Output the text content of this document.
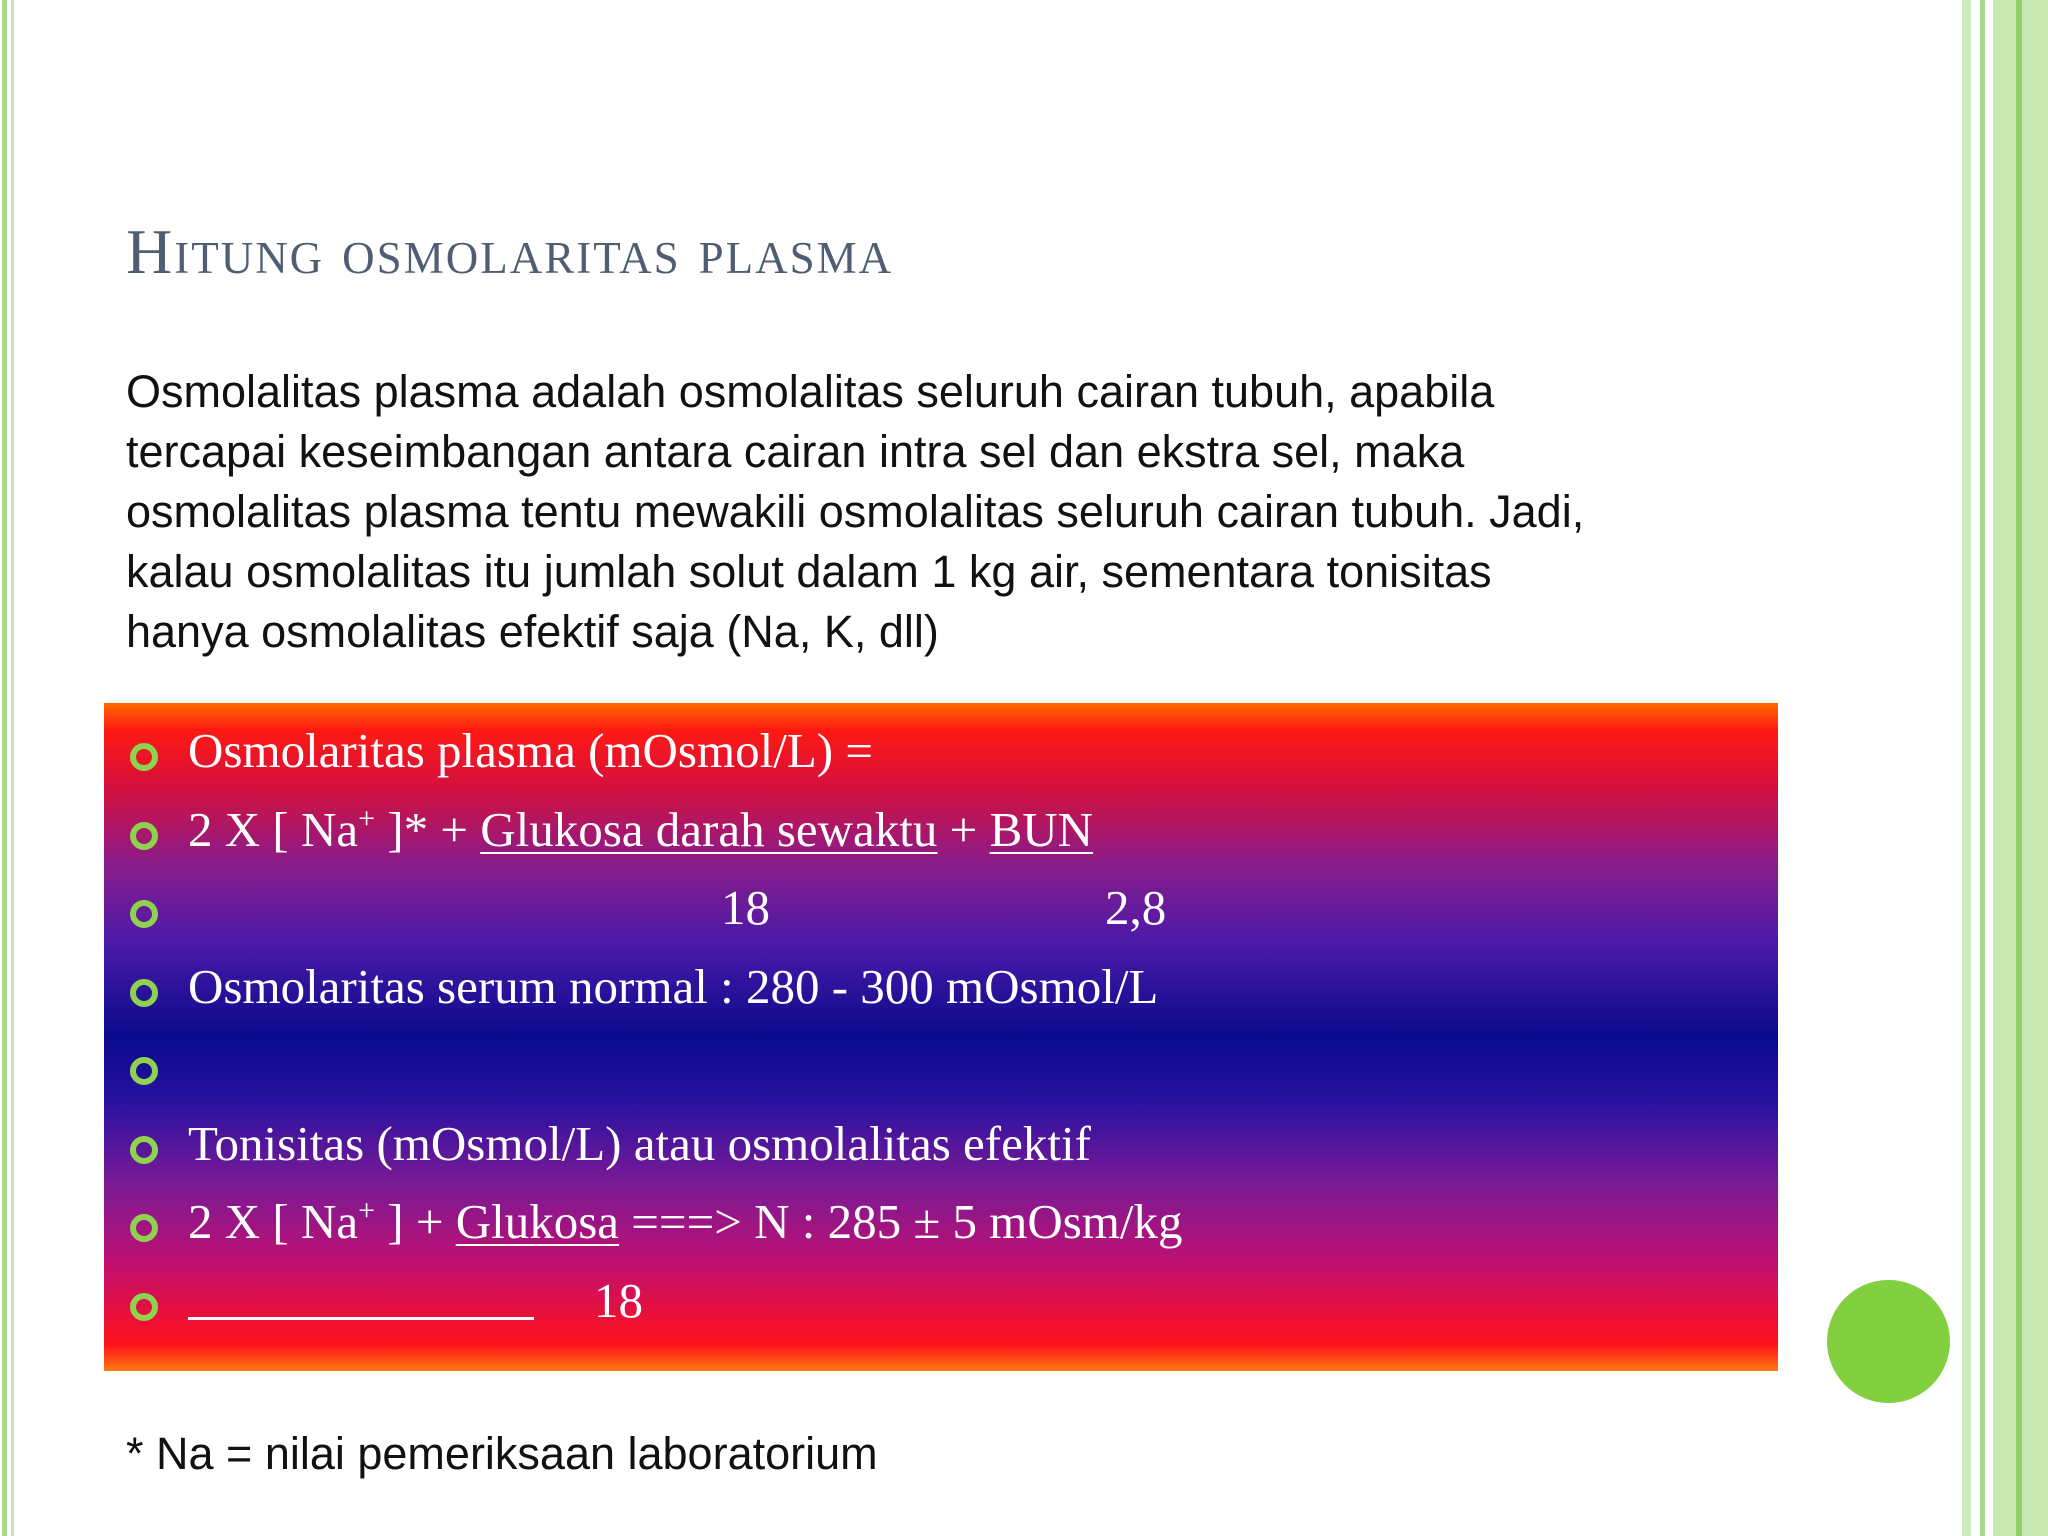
Hitung osmolaritas plasma
Osmolalitas plasma adalah osmolalitas seluruh cairan tubuh, apabila
tercapai keseimbangan antara cairan intra sel dan ekstra sel, maka
osmolalitas plasma tentu mewakili osmolalitas seluruh cairan tubuh. Jadi,
kalau osmolalitas itu jumlah solut dalam 1 kg air, sementara tonisitas
hanya osmolalitas efektif saja (Na, K, dll)
Osmolaritas plasma (mOsmol/L) =
2 X [ Na+ ]* + Glukosa darah sewaktu + BUN
18	2,8
Osmolaritas serum normal : 280 - 300 mOsmol/L
Tonisitas (mOsmol/L) atau osmolalitas efektif
2 X [ Na+ ] + Glukosa ===> N : 285 ± 5 mOsm/kg
18
* Na = nilai pemeriksaan laboratorium
